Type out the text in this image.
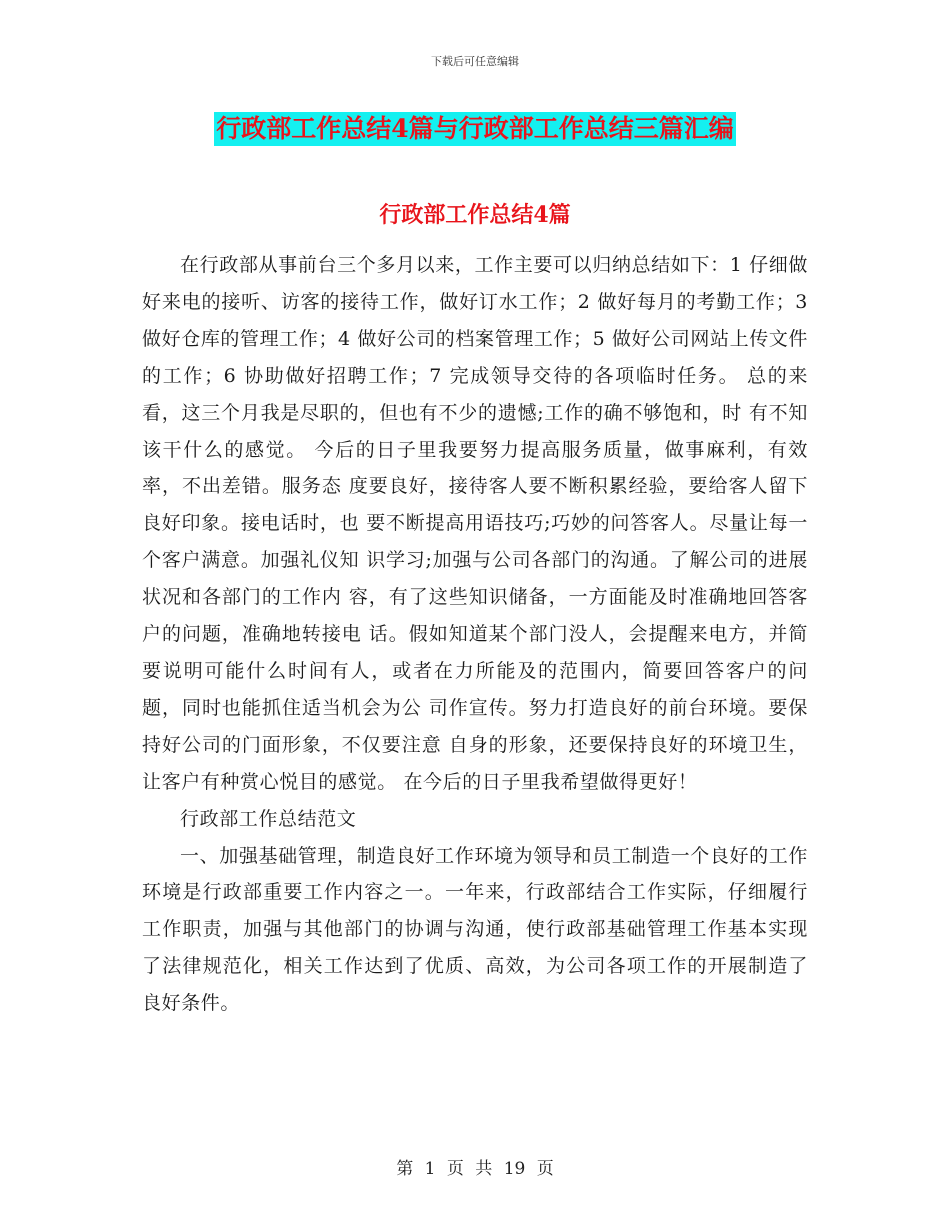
下载后可任意编辑
行政部工作总结4篇与行政部工作总结三篇汇编
行政部工作总结4篇

在行政部从事前台三个多月以来，工作主要可以归纳总结如下：1 仔细做好来电的接听、访客的接待工作，做好订水工作；2 做好每月的考勤工作；3 做好仓库的管理工作；4 做好公司的档案管理工作；5 做好公司网站上传文件的工作；6 协助做好招聘工作；7 完成领导交待的各项临时任务。 总的来看，这三个月我是尽职的，但也有不少的遗憾;工作的确不够饱和，时 有不知该干什么的感觉。 今后的日子里我要努力提高服务质量，做事麻利，有效率，不出差错。服务态 度要良好，接待客人要不断积累经验，要给客人留下良好印象。接电话时，也 要不断提高用语技巧;巧妙的问答客人。尽量让每一个客户满意。加强礼仪知 识学习;加强与公司各部门的沟通。了解公司的进展状况和各部门的工作内 容，有了这些知识储备，一方面能及时准确地回答客户的问题，准确地转接电 话。假如知道某个部门没人，会提醒来电方，并简要说明可能什么时间有人，或者在力所能及的范围内，简要回答客户的问题，同时也能抓住适当机会为公 司作宣传。努力打造良好的前台环境。要保持好公司的门面形象，不仅要注意 自身的形象，还要保持良好的环境卫生，让客户有种赏心悦目的感觉。 在今后的日子里我希望做得更好！

行政部工作总结范文

一、加强基础管理，制造良好工作环境为领导和员工制造一个良好的工作环境是行政部重要工作内容之一。一年来，行政部结合工作实际，仔细履行工作职责，加强与其他部门的协调与沟通，使行政部基础管理工作基本实现了法律规范化，相关工作达到了优质、高效，为公司各项工作的开展制造了良好条件。

第 1 页 共 19 页
